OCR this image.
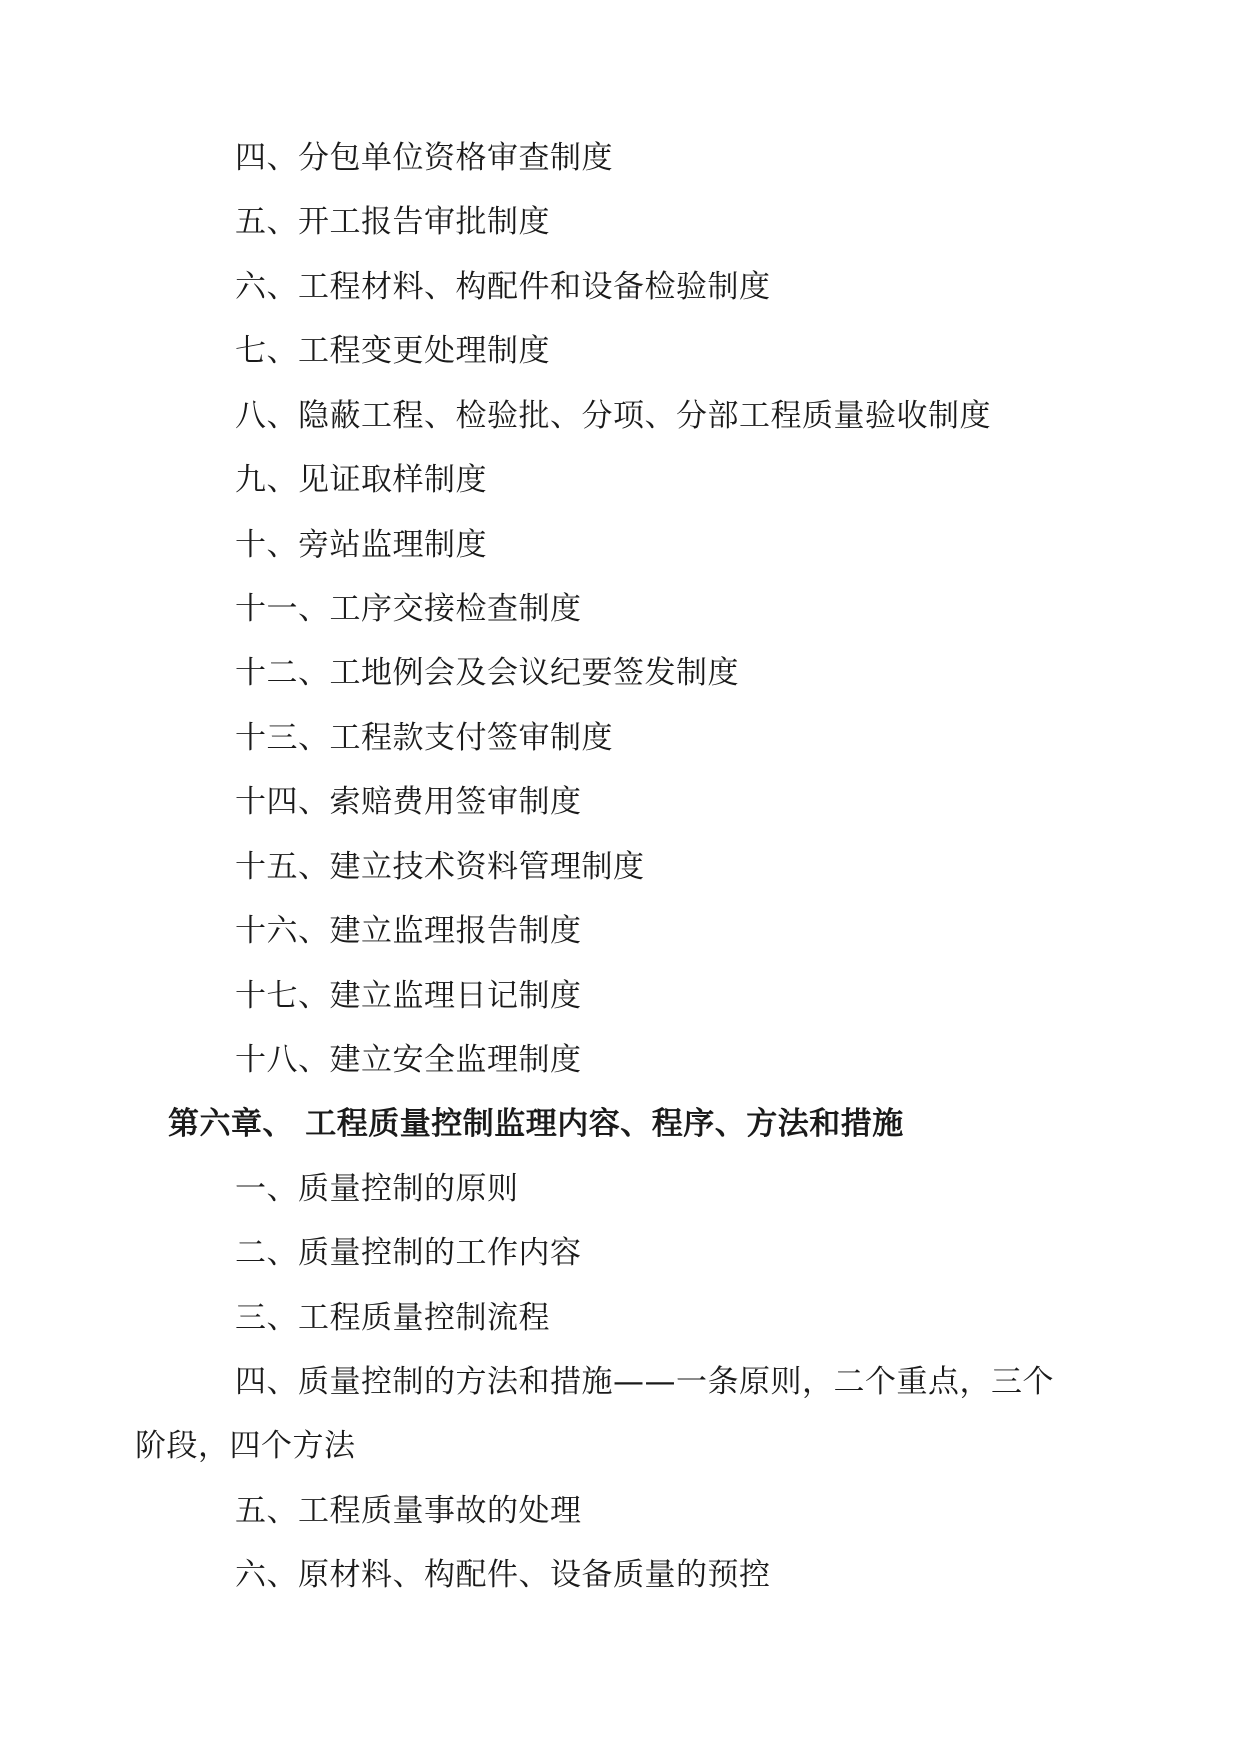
四、分包单位资格审查制度
五、开工报告审批制度
六、工程材料、构配件和设备检验制度
七、工程变更处理制度
八、隐蔽工程、检验批、分项、分部工程质量验收制度
九、见证取样制度
十、旁站监理制度
十一、工序交接检查制度
十二、工地例会及会议纪要签发制度
十三、工程款支付签审制度
十四、索赔费用签审制度
十五、建立技术资料管理制度
十六、建立监理报告制度
十七、建立监理日记制度
十八、建立安全监理制度
第六章、 工程质量控制监理内容、程序、方法和措施
一、质量控制的原则
二、质量控制的工作内容
三、工程质量控制流程
四、质量控制的方法和措施——一条原则，二个重点，三个
阶段，四个方法
五、工程质量事故的处理
六、原材料、构配件、设备质量的预控
